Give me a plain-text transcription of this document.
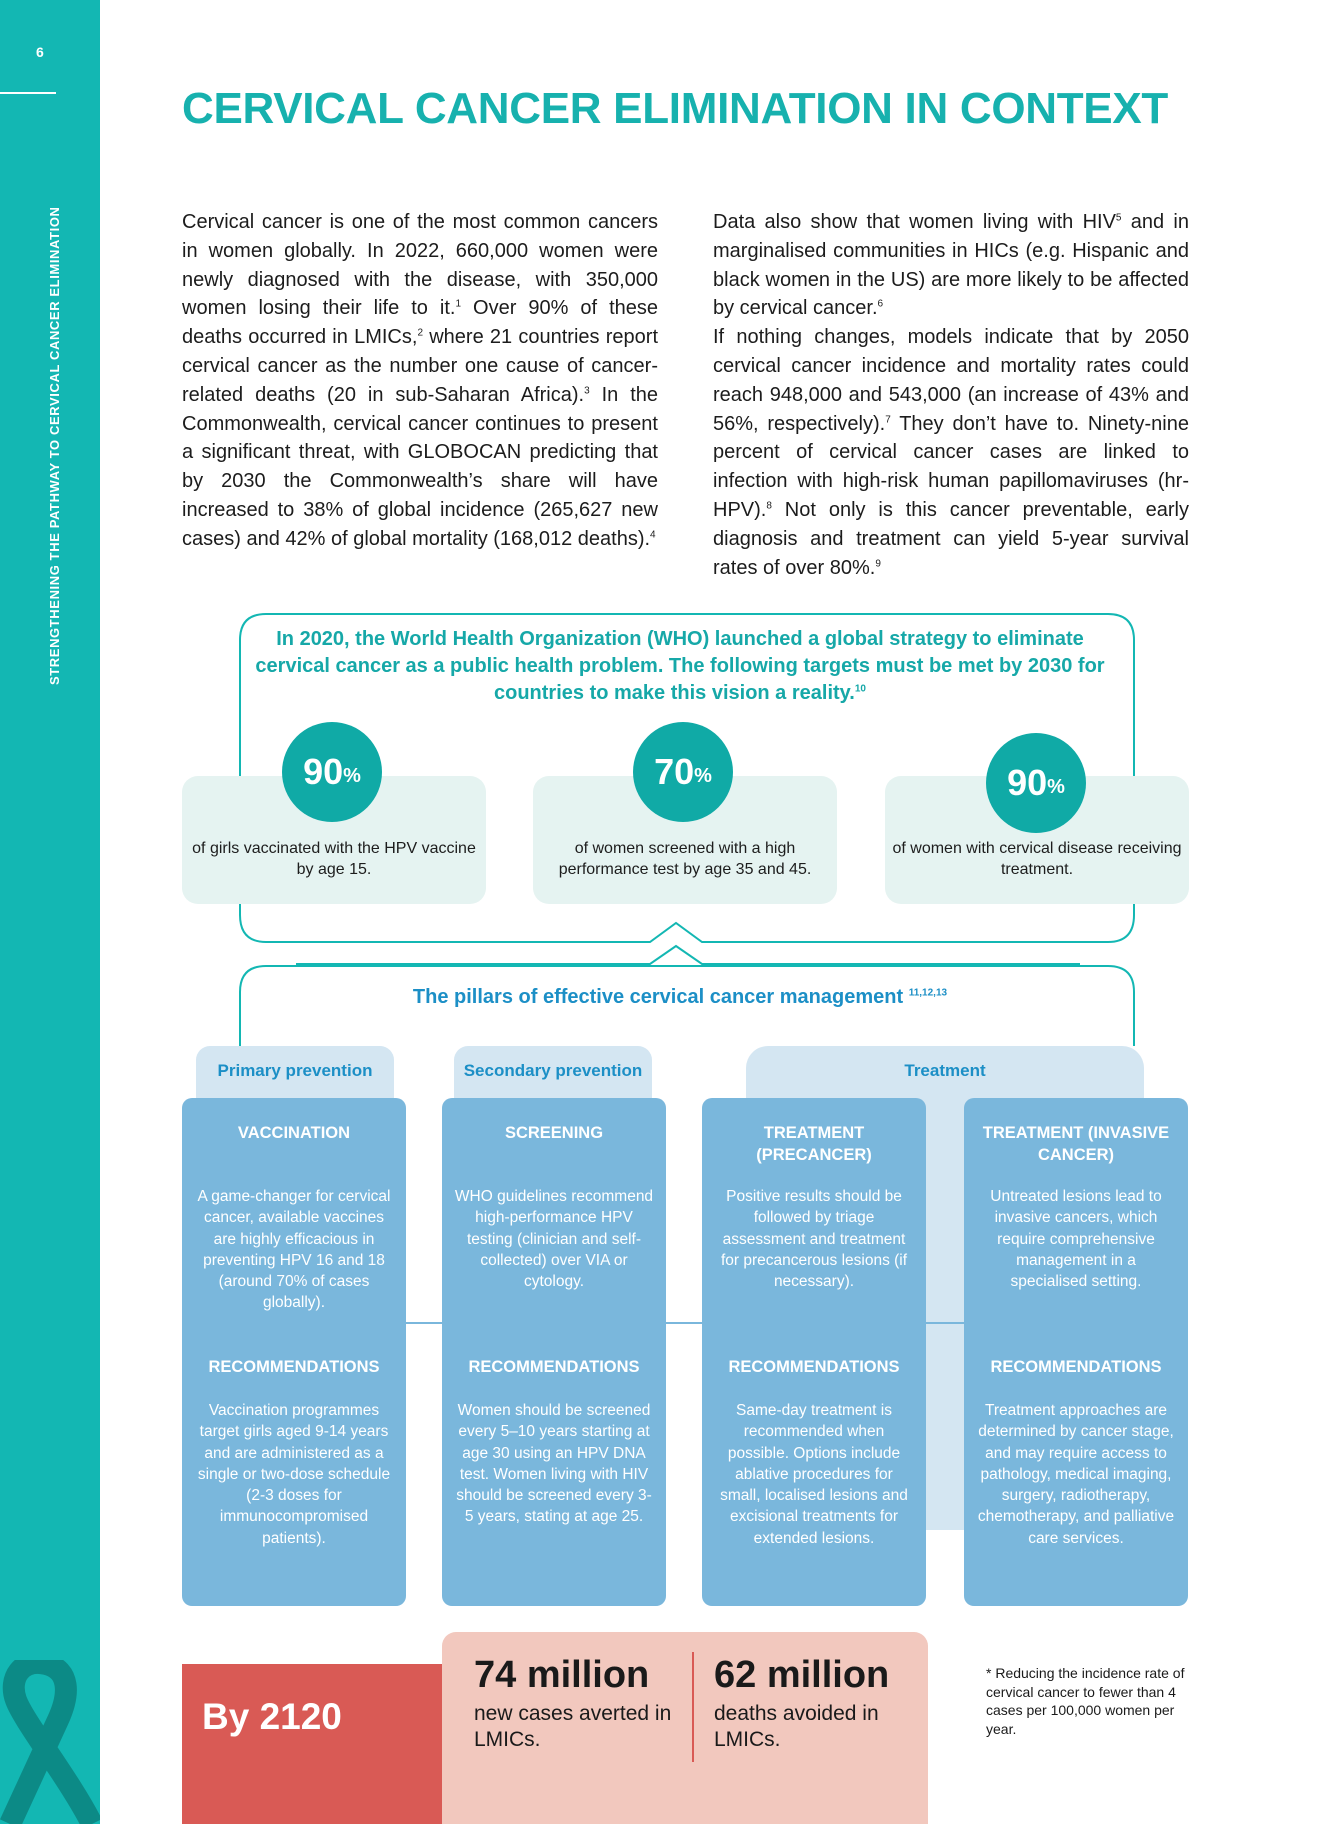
6
STRENGTHENING THE PATHWAY TO CERVICAL CANCER ELIMINATION
CERVICAL CANCER ELIMINATION IN CONTEXT

Cervical cancer is one of the most common cancers in women globally. In 2022, 660,000 women were newly diagnosed with the disease, with 350,000 women losing their life to it.$^1$ Over 90% of these deaths occurred in LMICs,$^2$ where 21 countries report cervical cancer as the number one cause of cancer-related deaths (20 in sub-Saharan Africa).$^3$ In the Commonwealth, cervical cancer continues to present a significant threat, with GLOBOCAN predicting that by 2030 the Commonwealth’s share will have increased to 38% of global incidence (265,627 new cases) and 42% of global mortality (168,012 deaths).$^4$

Data also show that women living with HIV$^5$ and in marginalised communities in HICs (e.g. Hispanic and black women in the US) are more likely to be affected by cervical cancer.$^6$

If nothing changes, models indicate that by 2050 cervical cancer incidence and mortality rates could reach 948,000 and 543,000 (an increase of 43% and 56%, respectively).$^7$ They don’t have to. Ninety-nine percent of cervical cancer cases are linked to infection with high-risk human papillomaviruses (hr-HPV).$^8$ Not only is this cancer preventable, early diagnosis and treatment can yield 5-year survival rates of over 80%.$^9$

In 2020, the World Health Organization (WHO) launched a global strategy to eliminate cervical cancer as a public health problem. The following targets must be met by 2030 for countries to make this vision a reality.$^{10}$
of girls vaccinated with the HPV vaccine by age 15.
of women screened with a high performance test by age 35 and 45.
of women with cervical disease receiving treatment.
90 %	70 %	90 %
The pillars of effective cervical cancer management $^{11,12,13}$
Primary prevention	Secondary prevention	Treatment
VACCINATION
A game-changer for cervical cancer, available vaccines are highly efficacious in preventing HPV 16 and 18 (around 70% of cases globally).
RECOMMENDATIONS
Vaccination programmes target girls aged 9-14 years and are administered as a single or two-dose schedule (2-3 doses for immunocompromised patients).
SCREENING
WHO guidelines recommend high-performance HPV testing (clinician and self-collected) over VIA or cytology.
RECOMMENDATIONS
Women should be screened every 5–10 years starting at age 30 using an HPV DNA test. Women living with HIV should be screened every 3-5 years, stating at age 25.
TREATMENT (PRECANCER)
Positive results should be followed by triage assessment and treatment for precancerous lesions (if necessary).
RECOMMENDATIONS
Same-day treatment is recommended when possible. Options include ablative procedures for small, localised lesions and excisional treatments for extended lesions.
TREATMENT (INVASIVE CANCER)
Untreated lesions lead to invasive cancers, which require comprehensive management in a specialised setting.
RECOMMENDATIONS
Treatment approaches are determined by cancer stage, and may require access to pathology, medical imaging, surgery, radiotherapy, chemotherapy, and palliative care services.
74 million
new cases averted in LMICs.
62 million
deaths avoided in LMICs.
By 2120
* Reducing the incidence rate of cervical cancer to fewer than 4 cases per 100,000 women per year.
